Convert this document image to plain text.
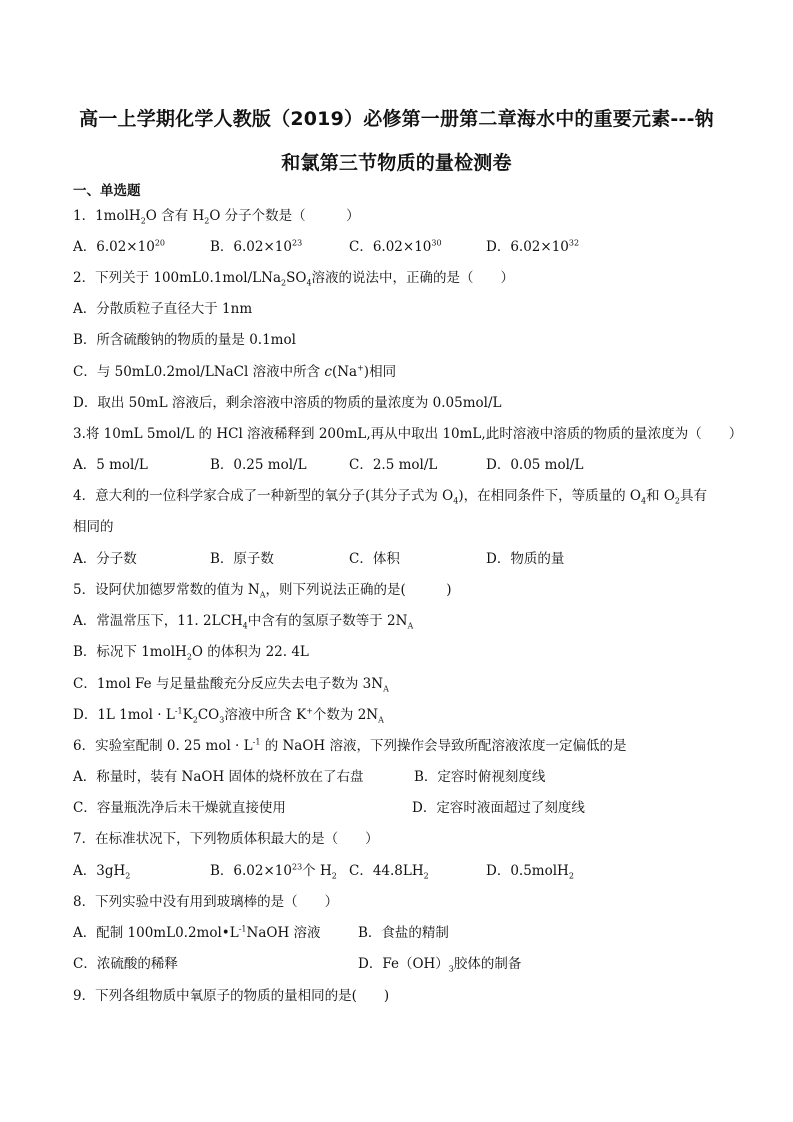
高一上学期化学人教版（2019）必修第一册第二章海水中的重要元素---钠
和氯第三节物质的量检测卷
一、单选题
1．1molH$_2$O 含有 $H_2O$ 分子个数是（　　　）
A．$6.02\times 10^{20}$	B．$6.02\times 10^{23}$	C．$6.02\times 10^{30}$	D．$6.02\times 10^{32}$
2．下列关于 $100mL0.1mol/LNa_2SO_4$溶液的说法中，正确的是（　　）
A．分散质粒子直径大于 1nm
B．所含硫酸钠的物质的量是 0.1mol
C．与 50mL0.2mol/LNaCl 溶液中所含 c(Na+)相同
D．取出 50mL 溶液后，剩余溶液中溶质的物质的量浓度为 0.05mol/L
3.将 10mL 5mol/L 的 HCl 溶液稀释到 200mL,再从中取出 10mL,此时溶液中溶质的物质的量浓度为（　　）
A．5 mol/L	B．0.25 mol/L	C．2.5 mol/L	D．0.05 mol/L
4．意大利的一位科学家合成了一种新型的氧分子(其分子式为 $O_4$)，在相同条件下，等质量的 $O_4$和 $O_2$具有
相同的
A．分子数	B．原子数	C．体积	D．物质的量
5．设阿伏加德罗常数的值为 $N_A$，则下列说法正确的是(　　　)
A．常温常压下，11. $2LCH_4$中含有的氢原子数等于 $2N_A$
B．标况下 1molH$_2$O 的体积为 22. 4L
C．1mol Fe 与足量盐酸充分反应失去电子数为 $3N_A$
D．1L $1mol \cdot L^{-1}K_2CO_3$溶液中所含 K+个数为 $2N_A$
6．实验室配制 0. 25 mol · $L^{-1}$ 的 NaOH 溶液，下列操作会导致所配溶液浓度一定偏低的是
A．称量时，装有 NaOH 固体的烧杯放在了右盘	B．定容时俯视刻度线
C．容量瓶洗净后未干燥就直接使用	D．定容时液面超过了刻度线
7．在标准状况下，下列物质体积最大的是（　　）
A．$3gH_2$	B．$6.02\times 10^{23}$个 $H_2$ C．$44.8LH_2$	D．0.5molH$_2$
8．下列实验中没有用到玻璃棒的是（　　）
A．配制 $100mL0.2mol•L^{-1}NaOH$ 溶液	B．食盐的精制
C．浓硫酸的稀释	D．$Fe(OH)_3$胶体的制备
9．下列各组物质中氧原子的物质的量相同的是(　　)
